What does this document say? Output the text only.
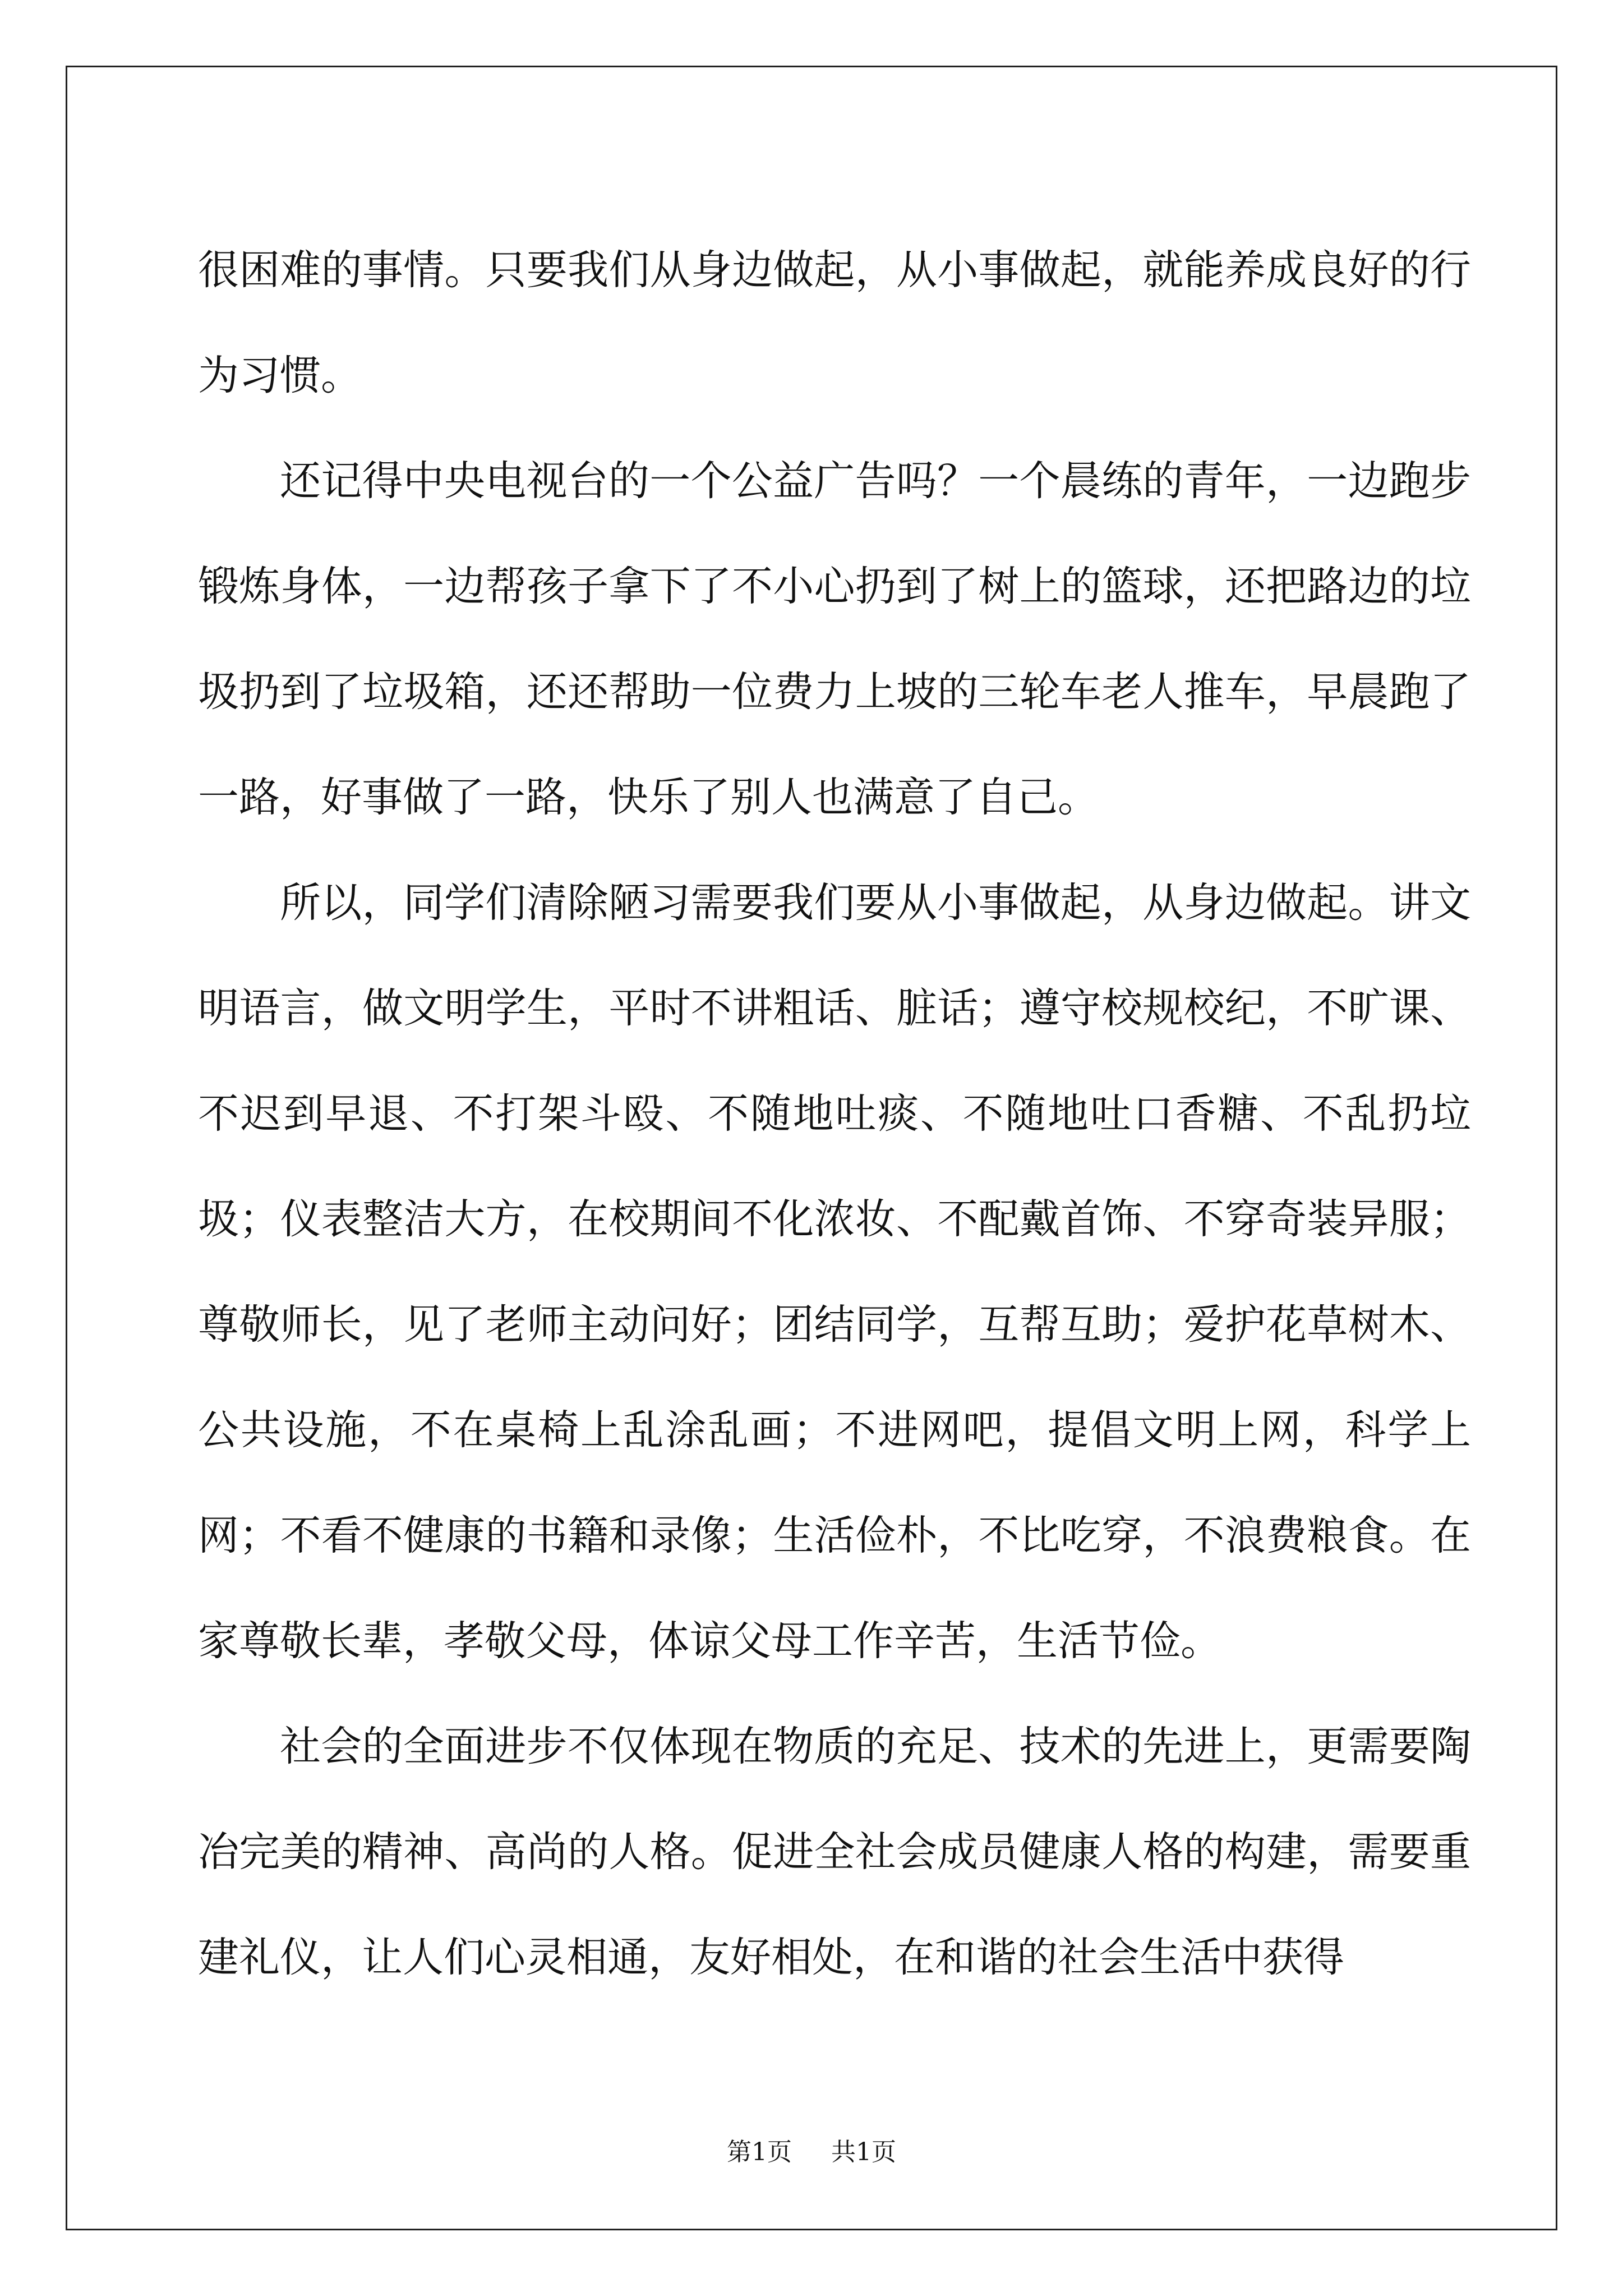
很困难的事情。只要我们从身边做起，从小事做起，就能养成良好的行为习惯。

还记得中央电视台的一个公益广告吗？一个晨练的青年，一边跑步锻炼身体，一边帮孩子拿下了不小心扔到了树上的篮球，还把路边的垃圾扔到了垃圾箱，还还帮助一位费力上坡的三轮车老人推车，早晨跑了一路，好事做了一路，快乐了别人也满意了自己。

所以，同学们清除陋习需要我们要从小事做起，从身边做起。讲文明语言，做文明学生，平时不讲粗话、脏话；遵守校规校纪，不旷课、不迟到早退、不打架斗殴、不随地吐痰、不随地吐口香糖、不乱扔垃圾；仪表整洁大方，在校期间不化浓妆、不配戴首饰、不穿奇装异服；尊敬师长，见了老师主动问好；团结同学，互帮互助；爱护花草树木、公共设施，不在桌椅上乱涂乱画；不进网吧，提倡文明上网，科学上网；不看不健康的书籍和录像；生活俭朴，不比吃穿，不浪费粮食。在家尊敬长辈，孝敬父母，体谅父母工作辛苦，生活节俭。

社会的全面进步不仅体现在物质的充足、技术的先进上，更需要陶冶完美的精神、高尚的人格。促进全社会成员健康人格的构建，需要重建礼仪，让人们心灵相通，友好相处，在和谐的社会生活中获得

第1页 共1页
